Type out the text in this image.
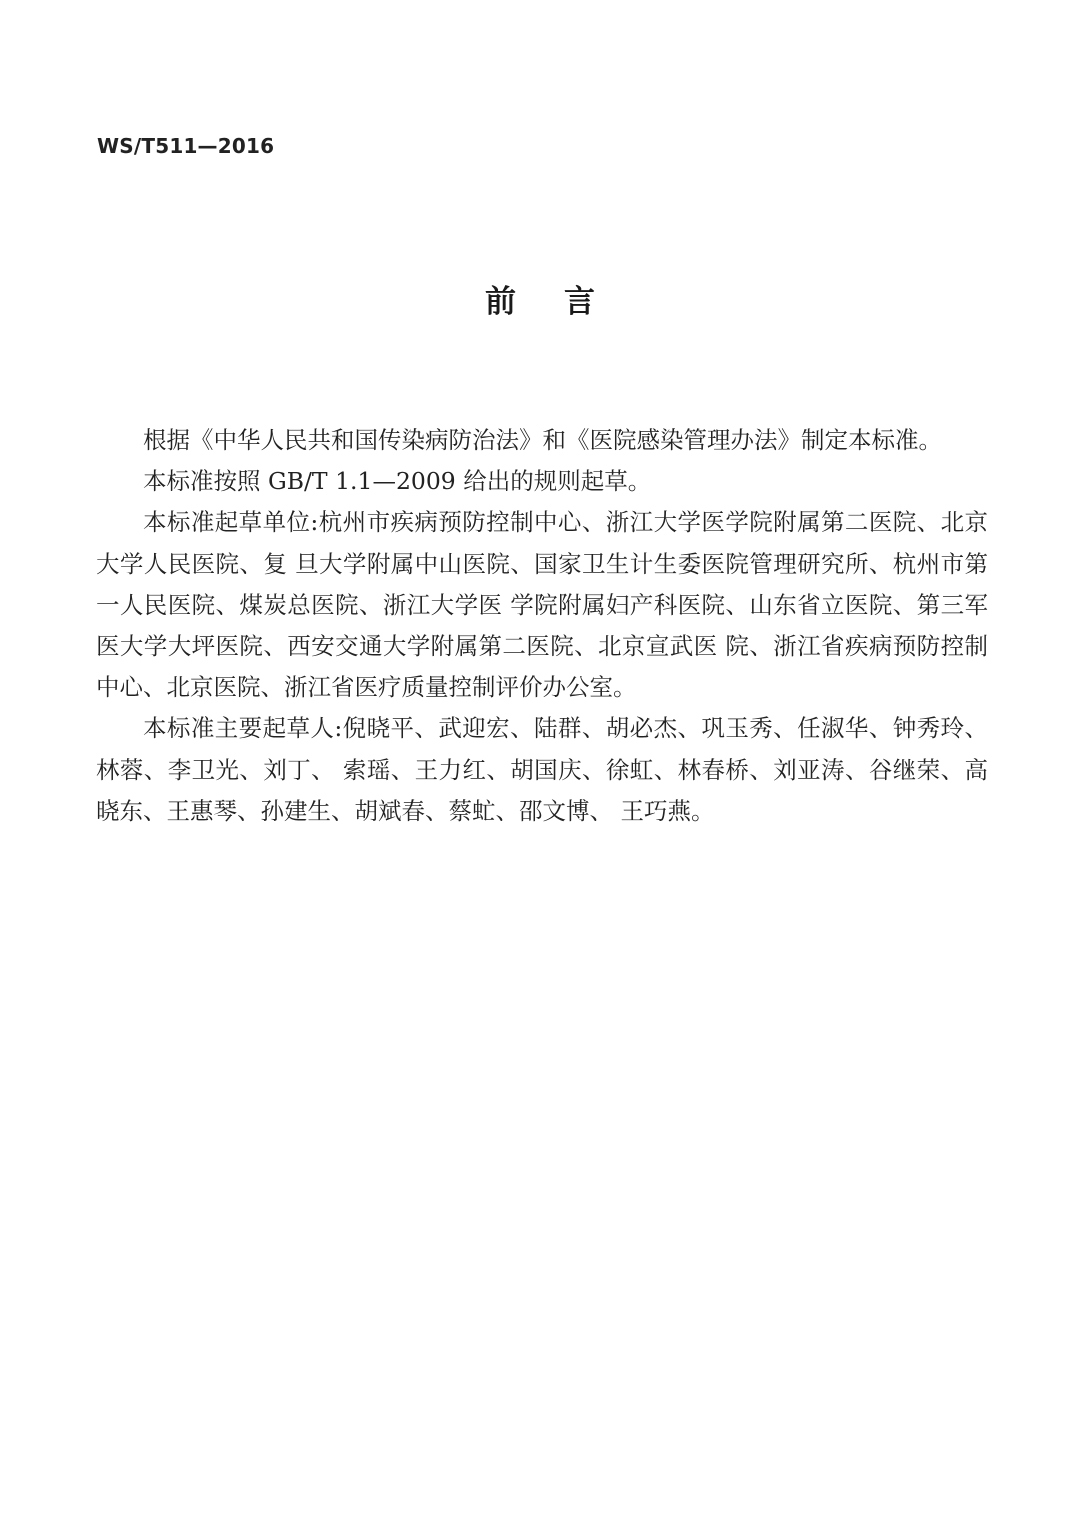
WS/T511—2016
前 言

根据《中华人民共和国传染病防治法》和《医院感染管理办法》制定本标准。

本标准按照 GB/T 1.1—2009 给出的规则起草。

本标准起草单位:杭州市疾病预防控制中心、浙江大学医学院附属第二医院、北京大学人民医院、复 旦大学附属中山医院、国家卫生计生委医院管理研究所、杭州市第一人民医院、煤炭总医院、浙江大学医 学院附属妇产科医院、山东省立医院、第三军医大学大坪医院、西安交通大学附属第二医院、北京宣武医 院、浙江省疾病预防控制中心、北京医院、浙江省医疗质量控制评价办公室。

本标准主要起草人:倪晓平、武迎宏、陆群、胡必杰、巩玉秀、任淑华、钟秀玲、林蓉、李卫光、刘丁、 索瑶、王力红、胡国庆、徐虹、林春桥、刘亚涛、谷继荣、高晓东、王惠琴、孙建生、胡斌春、蔡虻、邵文博、 王巧燕。
